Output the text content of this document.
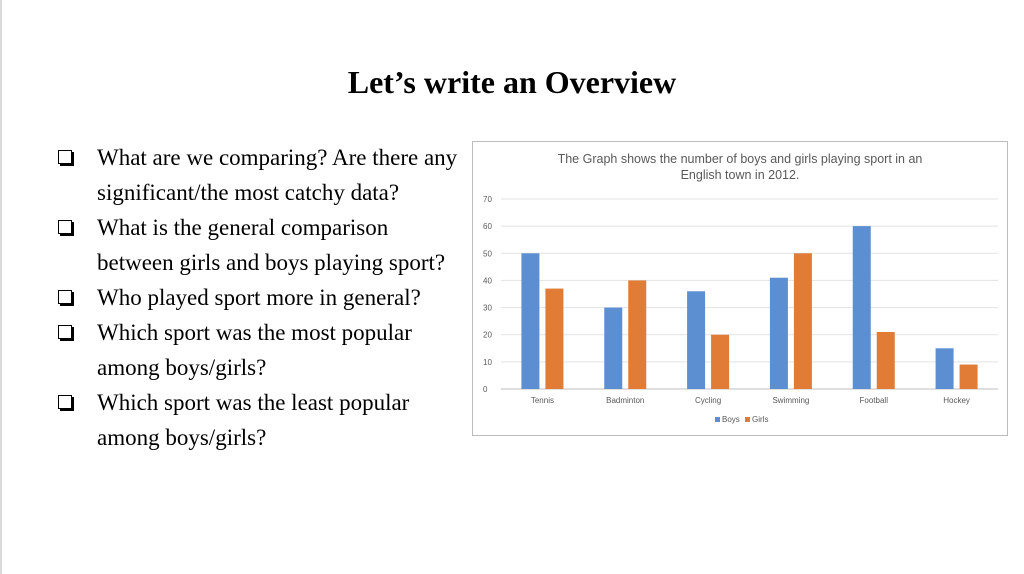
Let’s write an Overview
What are we comparing? Are there any significant/the most catchy data?
What is the general comparison between girls and boys playing sport?
Who played sport more in general?
Which sport was the most popular among boys/girls?
Which sport was the least popular among boys/girls?
The Graph shows the number of boys and girls playing sport in an
English town in 2012.
0
10
20
30
40
50
60
70
Tennis	Badminton	Cycling	Swimming	Football	Hockey
Boys Girls
